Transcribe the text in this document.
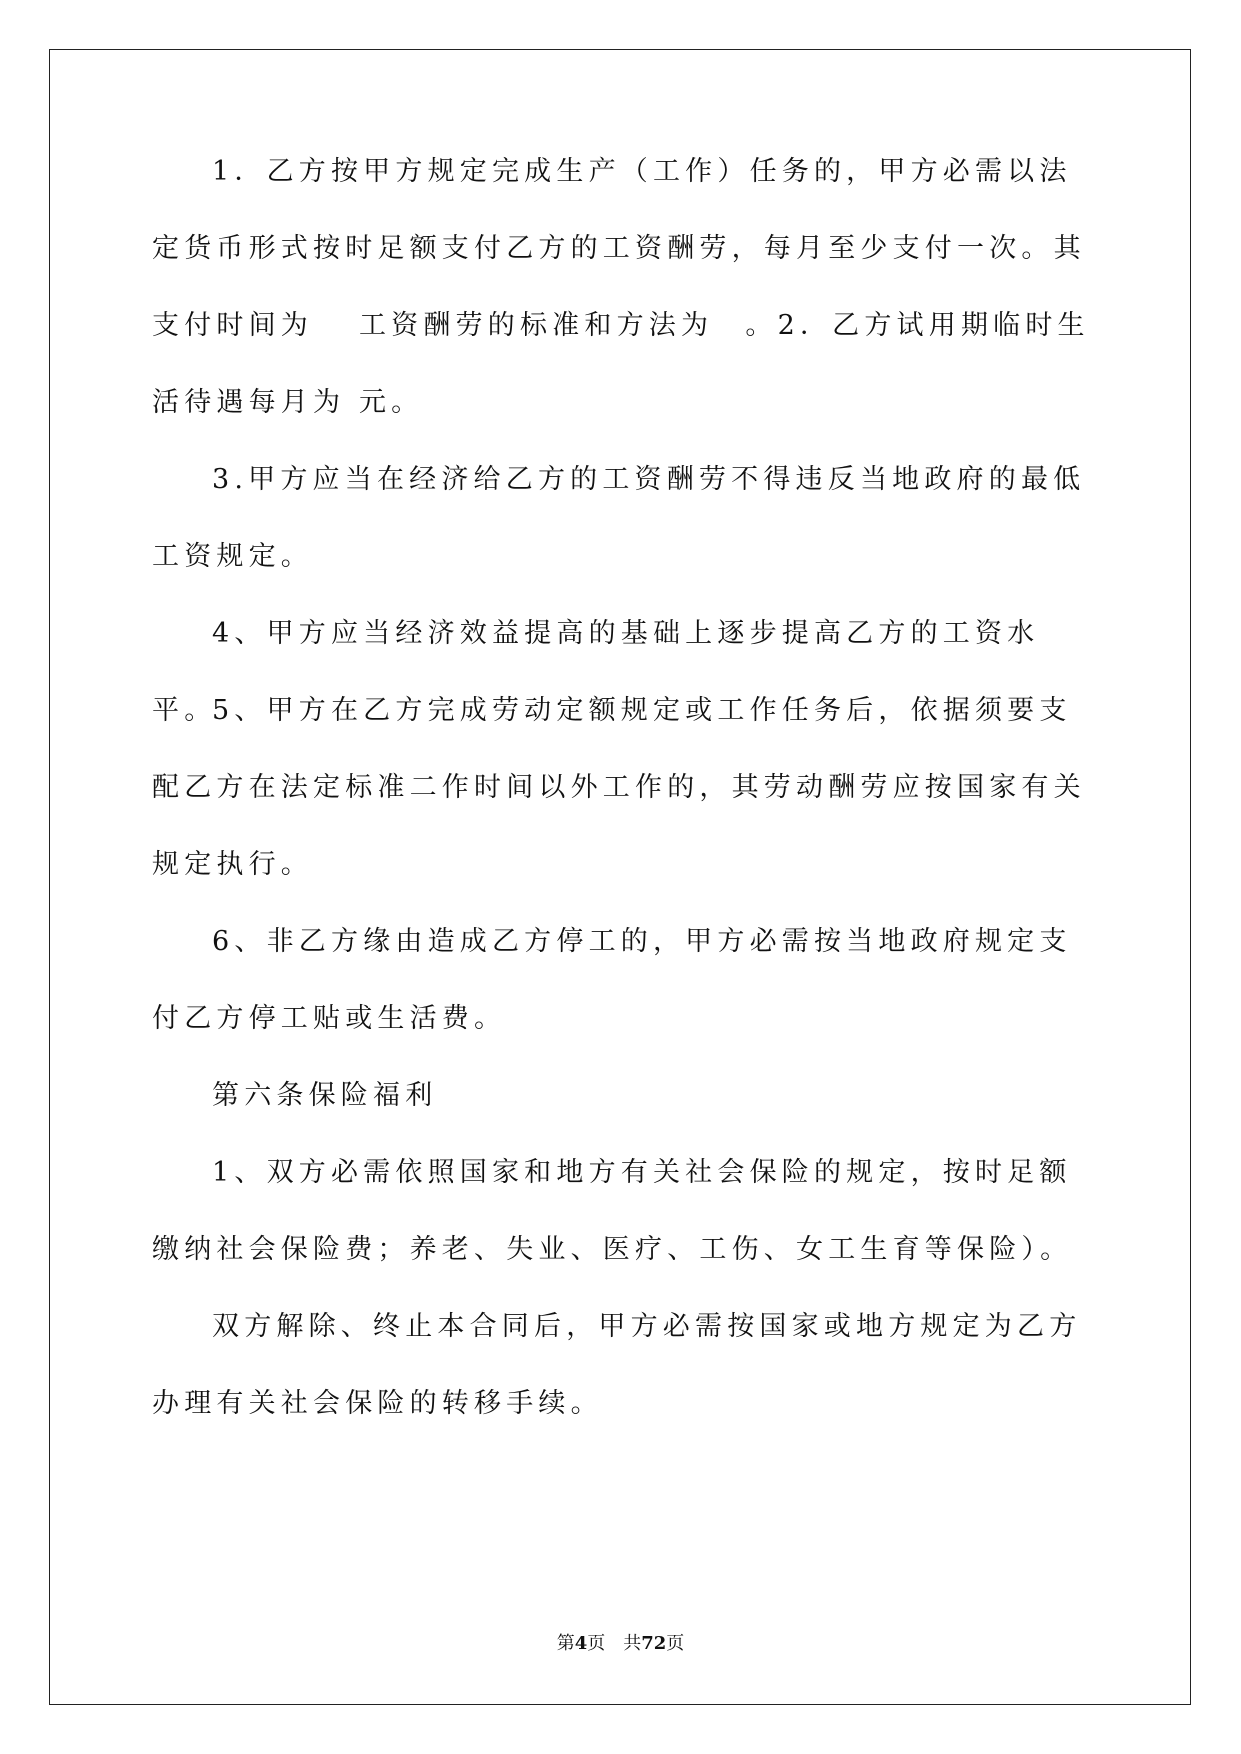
1．乙方按甲方规定完成生产（工作）任务的，甲方必需以法定货币形式按时足额支付乙方的工资酬劳，每月至少支付一次。其支付时间为　 工资酬劳的标准和方法为　。2．乙方试用期临时生活待遇每月为 元。

3.甲方应当在经济给乙方的工资酬劳不得违反当地政府的最低工资规定。

4、甲方应当经济效益提高的基础上逐步提高乙方的工资水平。

5、甲方在乙方完成劳动定额规定或工作任务后，依据须要支配乙方在法定标准二作时间以外工作的，其劳动酬劳应按国家有关规定执行。

6、非乙方缘由造成乙方停工的，甲方必需按当地政府规定支付乙方停工贴或生活费。

第六条保险福利

1、双方必需依照国家和地方有关社会保险的规定，按时足额缴纳社会保险费；养老、失业、医疗、工伤、女工生育等保险）。

双方解除、终止本合同后，甲方必需按国家或地方规定为乙方办理有关社会保险的转移手续。

第4页 共72页
